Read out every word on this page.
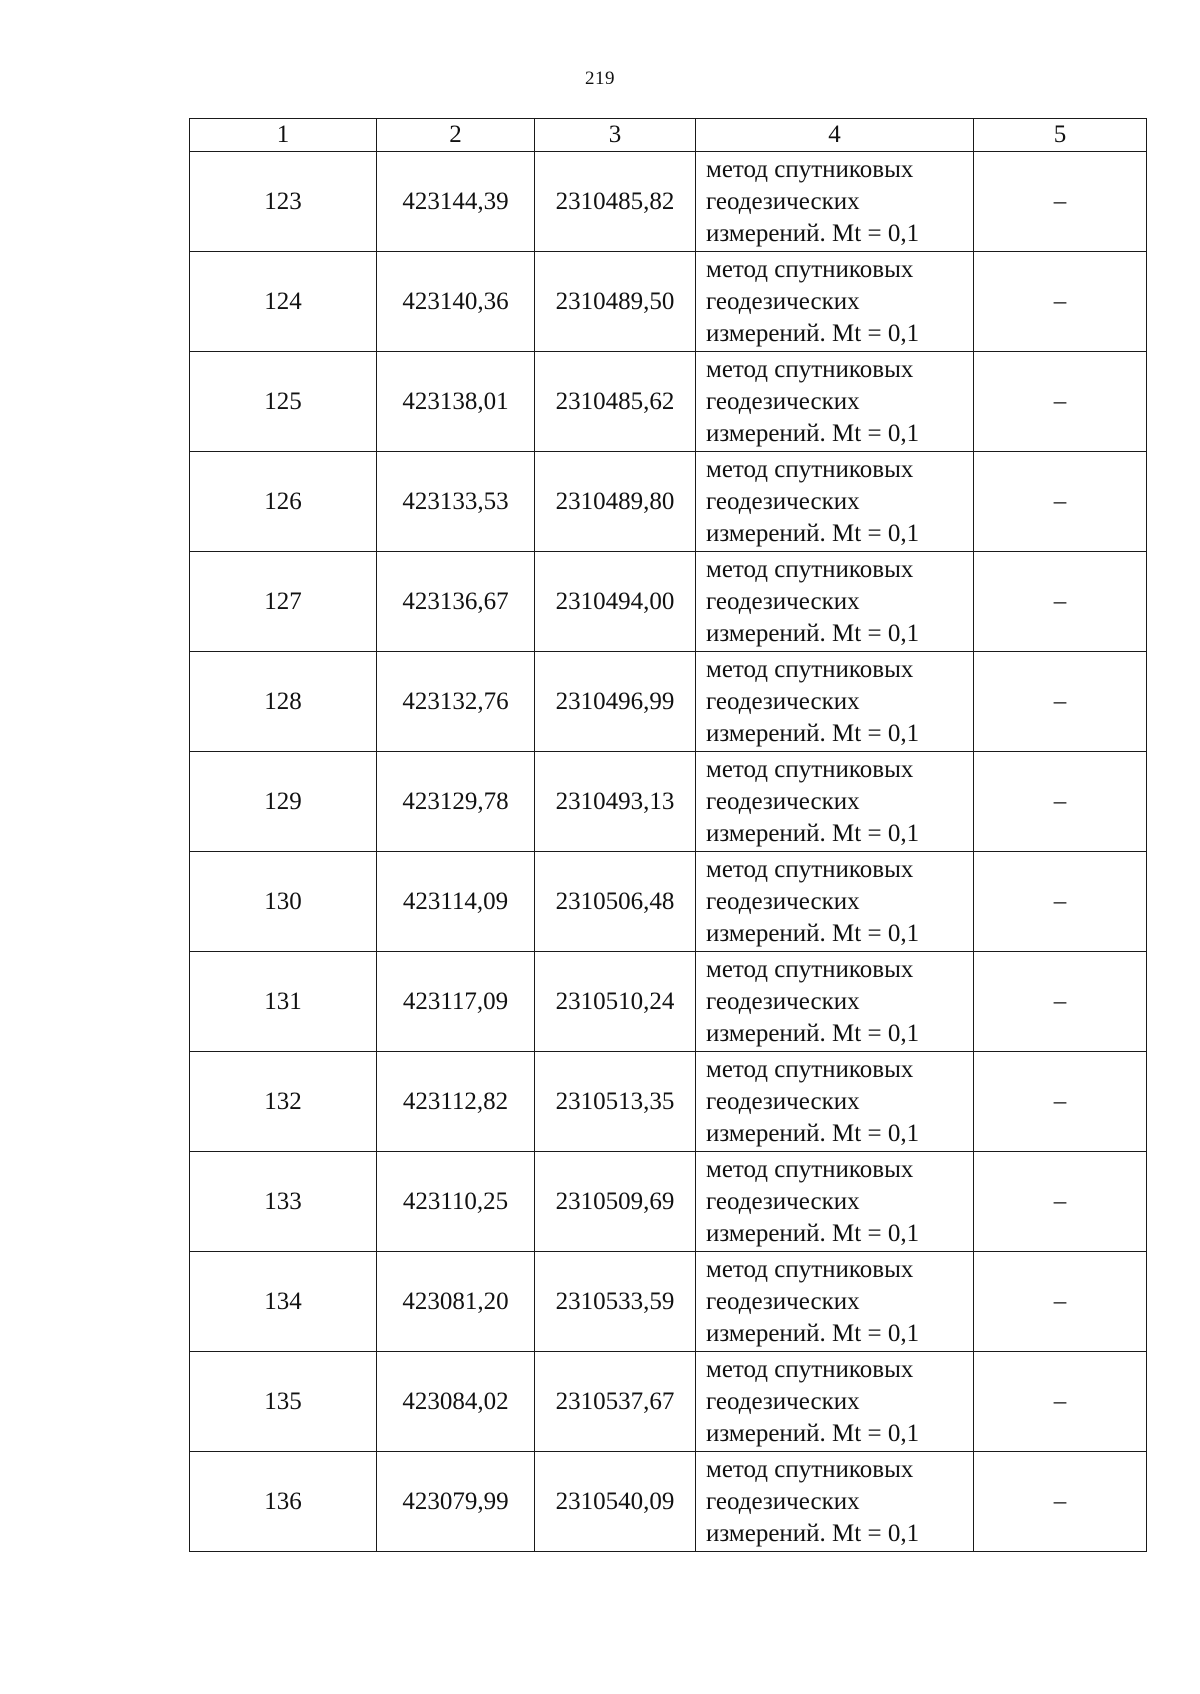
219
1	2	3	4	5
123	423144,39	2310485,82	метод спутниковых
геодезических
измерений. Mt = 0,1	–
124	423140,36	2310489,50	метод спутниковых
геодезических
измерений. Mt = 0,1	–
125	423138,01	2310485,62	метод спутниковых
геодезических
измерений. Mt = 0,1	–
126	423133,53	2310489,80	метод спутниковых
геодезических
измерений. Mt = 0,1	–
127	423136,67	2310494,00	метод спутниковых
геодезических
измерений. Mt = 0,1	–
128	423132,76	2310496,99	метод спутниковых
геодезических
измерений. Mt = 0,1	–
129	423129,78	2310493,13	метод спутниковых
геодезических
измерений. Mt = 0,1	–
130	423114,09	2310506,48	метод спутниковых
геодезических
измерений. Mt = 0,1	–
131	423117,09	2310510,24	метод спутниковых
геодезических
измерений. Mt = 0,1	–
132	423112,82	2310513,35	метод спутниковых
геодезических
измерений. Mt = 0,1	–
133	423110,25	2310509,69	метод спутниковых
геодезических
измерений. Mt = 0,1	–
134	423081,20	2310533,59	метод спутниковых
геодезических
измерений. Mt = 0,1	–
135	423084,02	2310537,67	метод спутниковых
геодезических
измерений. Mt = 0,1	–
136	423079,99	2310540,09	метод спутниковых
геодезических
измерений. Mt = 0,1	–
